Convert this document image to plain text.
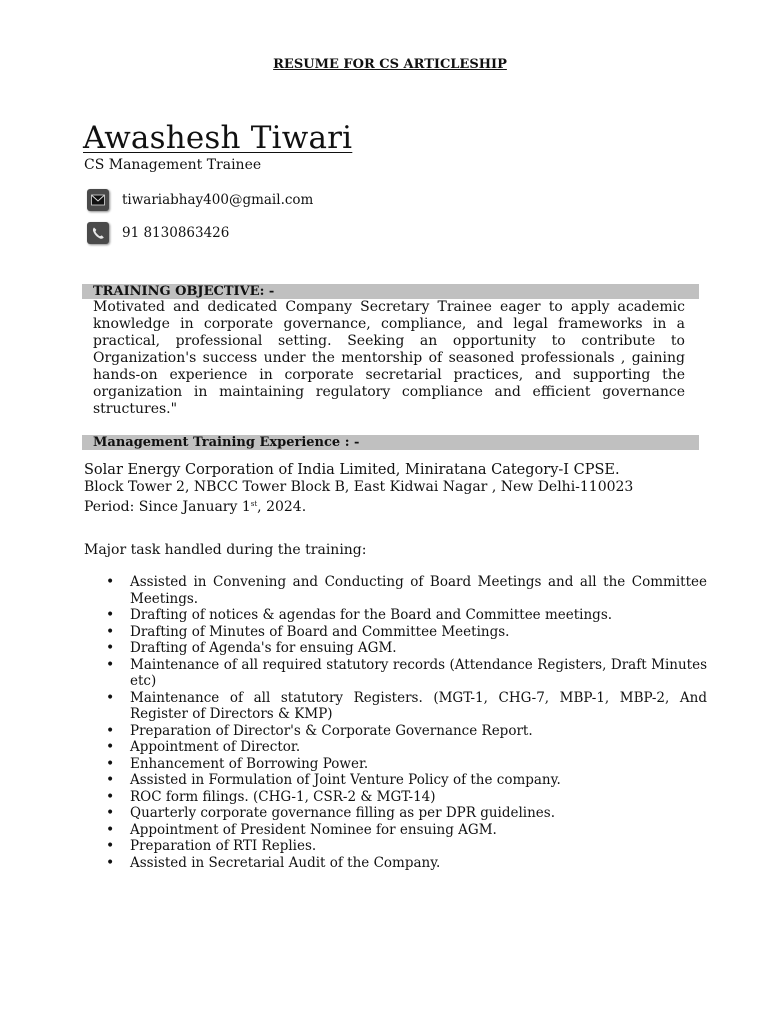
RESUME FOR CS ARTICLESHIP
Awashesh Tiwari
CS Management Trainee
tiwariabhay400@gmail.com
91 8130863426
TRAINING OBJECTIVE: -

Motivated and dedicated Company Secretary Trainee eager to apply academic knowledge in corporate governance, compliance, and legal frameworks in a practical, professional setting. Seeking an opportunity to contribute to Organization's success under the mentorship of seasoned professionals , gaining hands-on experience in corporate secretarial practices, and supporting the organization in maintaining regulatory compliance and efficient governance structures."

Management Training Experience : -
Solar Energy Corporation of India Limited, Miniratana Category-I CPSE.
Block Tower 2, NBCC Tower Block B, East Kidwai Nagar , New Delhi-110023
Period: Since January 1st, 2024.
Major task handled during the training:
• Assisted in Convening and Conducting of Board Meetings and all the Committee Meetings.
• Drafting of notices & agendas for the Board and Committee meetings.
• Drafting of Minutes of Board and Committee Meetings.
• Drafting of Agenda's for ensuing AGM.
• Maintenance of all required statutory records (Attendance Registers, Draft Minutes etc)
• Maintenance of all statutory Registers. (MGT-1, CHG-7, MBP-1, MBP-2, And Register of Directors & KMP)
• Preparation of Director's & Corporate Governance Report.
• Appointment of Director.
• Enhancement of Borrowing Power.
• Assisted in Formulation of Joint Venture Policy of the company.
• ROC form filings. (CHG-1, CSR-2 & MGT-14)
• Quarterly corporate governance filling as per DPR guidelines.
• Appointment of President Nominee for ensuing AGM.
• Preparation of RTI Replies.
• Assisted in Secretarial Audit of the Company.
